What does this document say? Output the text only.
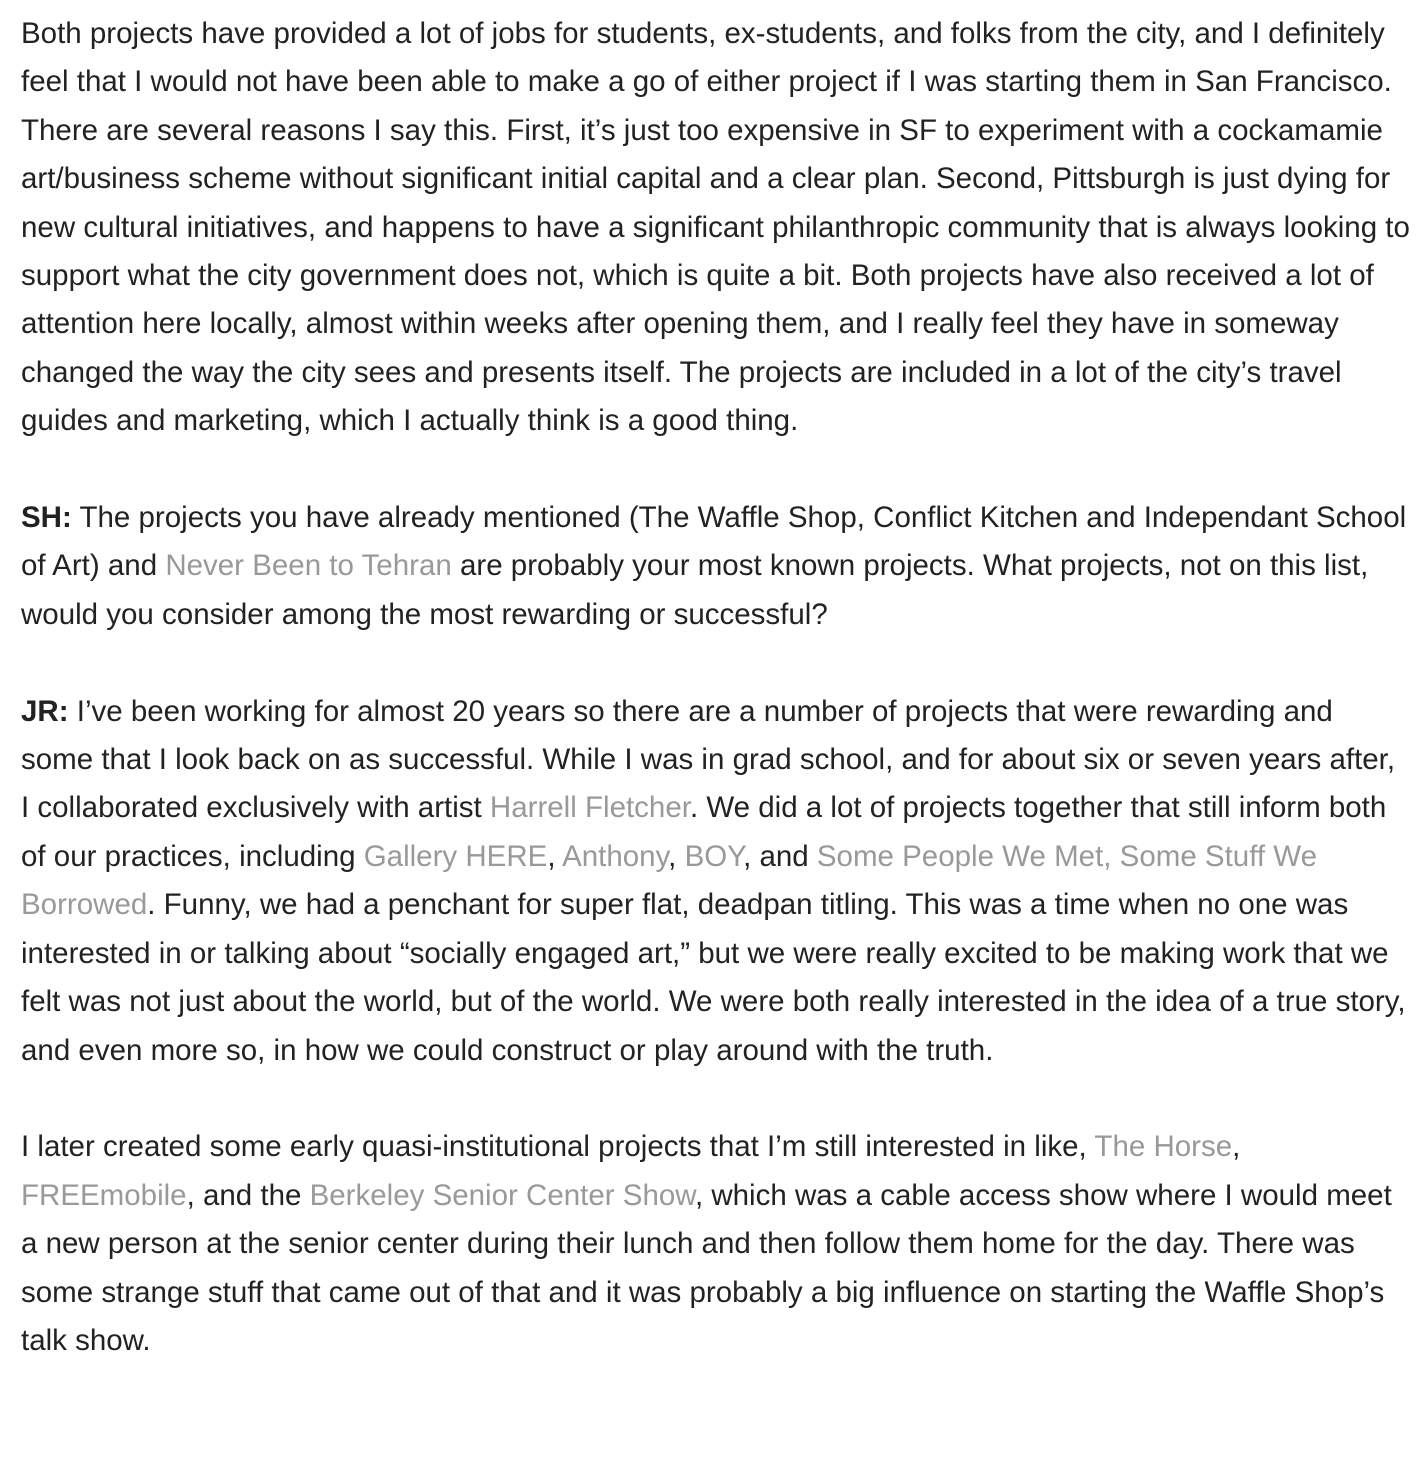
Both projects have provided a lot of jobs for students, ex-students, and folks from the city, and I definitely feel that I would not have been able to make a go of either project if I was starting them in San Francisco. There are several reasons I say this. First, it’s just too expensive in SF to experiment with a cockamamie art/business scheme without significant initial capital and a clear plan. Second, Pittsburgh is just dying for new cultural initiatives, and happens to have a significant philanthropic community that is always looking to support what the city government does not, which is quite a bit. Both projects have also received a lot of attention here locally, almost within weeks after opening them, and I really feel they have in someway changed the way the city sees and presents itself. The projects are included in a lot of the city’s travel guides and marketing, which I actually think is a good thing.

SH: The projects you have already mentioned (The Waffle Shop, Conflict Kitchen and Independant School of Art) and Never Been to Tehran are probably your most known projects. What projects, not on this list, would you consider among the most rewarding or successful?

JR: I’ve been working for almost 20 years so there are a number of projects that were rewarding and some that I look back on as successful. While I was in grad school, and for about six or seven years after, I collaborated exclusively with artist Harrell Fletcher. We did a lot of projects together that still inform both of our practices, including Gallery HERE, Anthony, BOY, and Some People We Met, Some Stuff We Borrowed. Funny, we had a penchant for super flat, deadpan titling. This was a time when no one was interested in or talking about “socially engaged art,” but we were really excited to be making work that we felt was not just about the world, but of the world. We were both really interested in the idea of a true story, and even more so, in how we could construct or play around with the truth.

I later created some early quasi-institutional projects that I’m still interested in like, The Horse, FREEmobile, and the Berkeley Senior Center Show, which was a cable access show where I would meet a new person at the senior center during their lunch and then follow them home for the day. There was some strange stuff that came out of that and it was probably a big influence on starting the Waffle Shop’s talk show.
